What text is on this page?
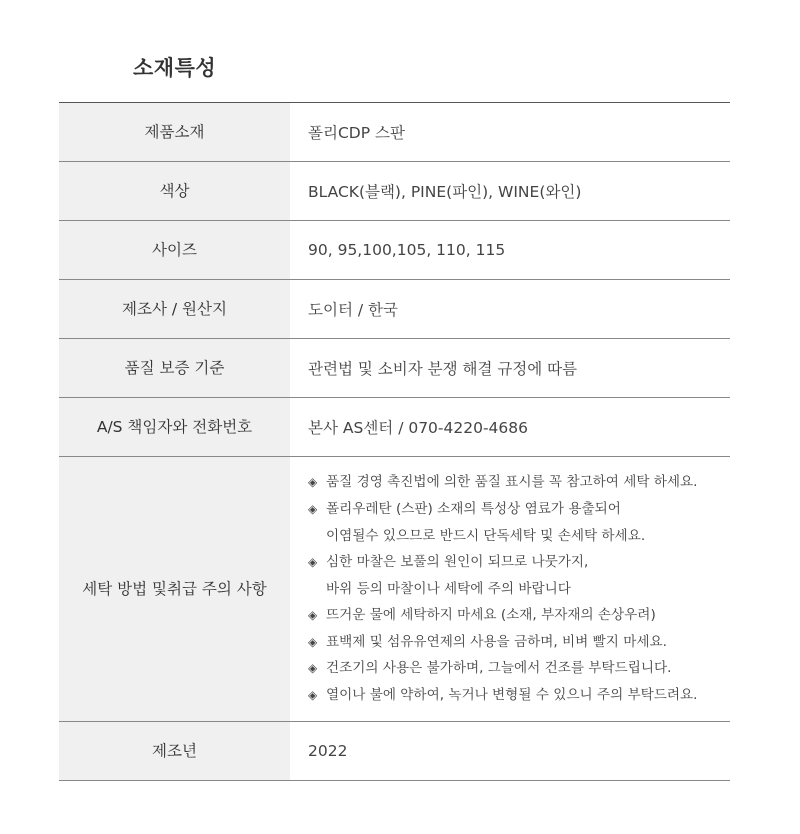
소재특성
제품소재	폴리CDP 스판
색상	BLACK(블랙), PINE(파인), WINE(와인)
사이즈	90, 95,100,105, 110, 115
제조사 / 원산지	도이터 / 한국
품질 보증 기준	관련법 및 소비자 분쟁 해결 규정에 따름
A/S 책임자와 전화번호	본사 AS센터 / 070-4220-4686
세탁 방법 및 취급 주의 사항
◈ 품질 경영 촉진법에 의한 품질 표시를 꼭 참고하여 세탁 하세요.
◈ 폴리우레탄 (스판) 소재의 특성상 염료가 용출되어
이염될수 있으므로 반드시 단독세탁 및 손세탁 하세요.
◈ 심한 마찰은 보풀의 원인이 되므로 나뭇가지,
바위 등의 마찰이나 세탁에 주의 바랍니다
◈ 뜨거운 물에 세탁하지 마세요 (소재, 부자재의 손상우려)
◈ 표백제 및 섬유유연제의 사용을 금하며, 비벼 빨지 마세요.
◈ 건조기의 사용은 불가하며, 그늘에서 건조를 부탁드립니다.
◈ 열이나 불에 약하여, 녹거나 변형될 수 있으니 주의 부탁드려요.
제조년	2022
